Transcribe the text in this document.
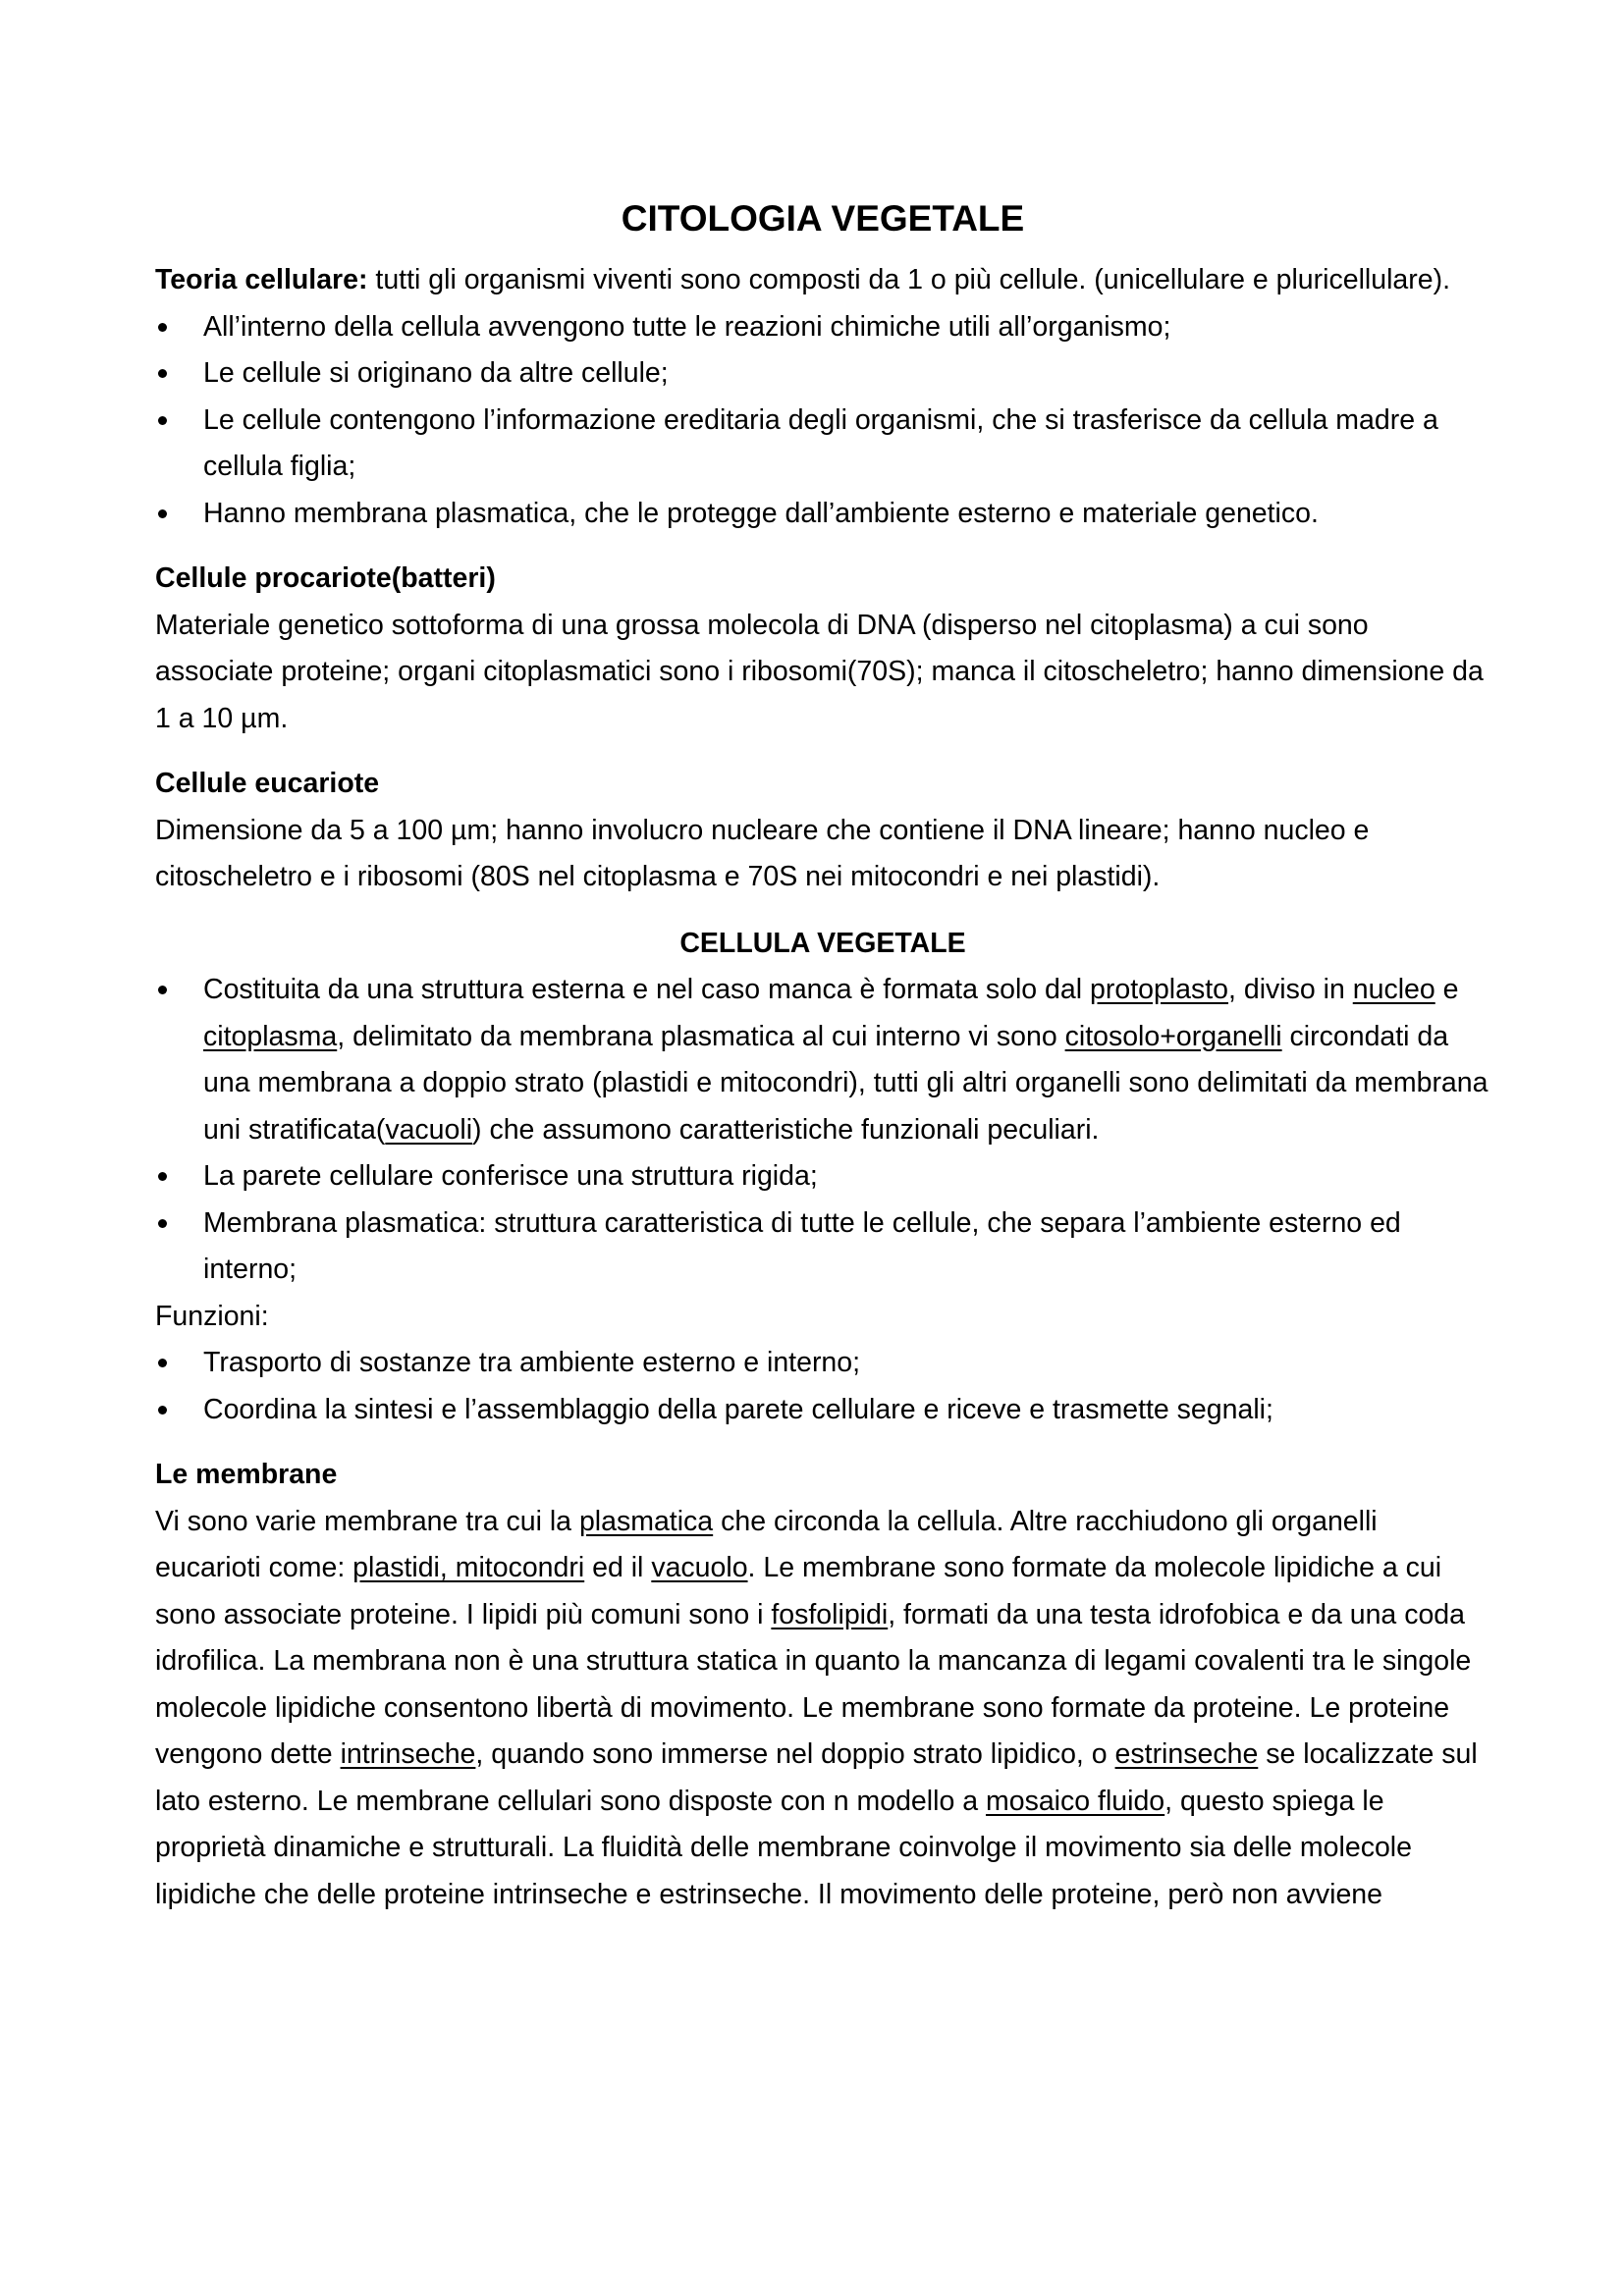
CITOLOGIA VEGETALE

Teoria cellulare: tutti gli organismi viventi sono composti da 1 o più cellule. (unicellulare e pluricellulare).

All’interno della cellula avvengono tutte le reazioni chimiche utili all’organismo;
Le cellule si originano da altre cellule;
Le cellule contengono l’informazione ereditaria degli organismi, che si trasferisce da cellula madre a cellula figlia;
Hanno membrana plasmatica, che le protegge dall’ambiente esterno e materiale genetico.
Cellule procariote(batteri)

Materiale genetico sottoforma di una grossa molecola di DNA (disperso nel citoplasma) a cui sono associate proteine; organi citoplasmatici sono i ribosomi(70S); manca il citoscheletro; hanno dimensione da 1 a 10 µm.

Cellule eucariote

Dimensione da 5 a 100 µm; hanno involucro nucleare che contiene il DNA lineare; hanno nucleo e citoscheletro e i ribosomi (80S nel citoplasma e 70S nei mitocondri e nei plastidi).

CELLULA VEGETALE
Costituita da una struttura esterna e nel caso manca è formata solo dal protoplasto, diviso in nucleo e citoplasma, delimitato da membrana plasmatica al cui interno vi sono citosolo+organelli circondati da una membrana a doppio strato (plastidi e mitocondri), tutti gli altri organelli sono delimitati da membrana uni stratificata(vacuoli) che assumono caratteristiche funzionali peculiari.
La parete cellulare conferisce una struttura rigida;
Membrana plasmatica: struttura caratteristica di tutte le cellule, che separa l’ambiente esterno ed interno;

Funzioni:

Trasporto di sostanze tra ambiente esterno e interno;
Coordina la sintesi e l’assemblaggio della parete cellulare e riceve e trasmette segnali;
Le membrane

Vi sono varie membrane tra cui la plasmatica che circonda la cellula. Altre racchiudono gli organelli eucarioti come: plastidi, mitocondri ed il vacuolo. Le membrane sono formate da molecole lipidiche a cui sono associate proteine. I lipidi più comuni sono i fosfolipidi, formati da una testa idrofobica e da una coda idrofilica. La membrana non è una struttura statica in quanto la mancanza di legami covalenti tra le singole molecole lipidiche consentono libertà di movimento. Le membrane sono formate da proteine. Le proteine vengono dette intrinseche, quando sono immerse nel doppio strato lipidico, o estrinseche se localizzate sul lato esterno. Le membrane cellulari sono disposte con n modello a mosaico fluido, questo spiega le proprietà dinamiche e strutturali. La fluidità delle membrane coinvolge il movimento sia delle molecole lipidiche che delle proteine intrinseche e estrinseche. Il movimento delle proteine, però non avviene
